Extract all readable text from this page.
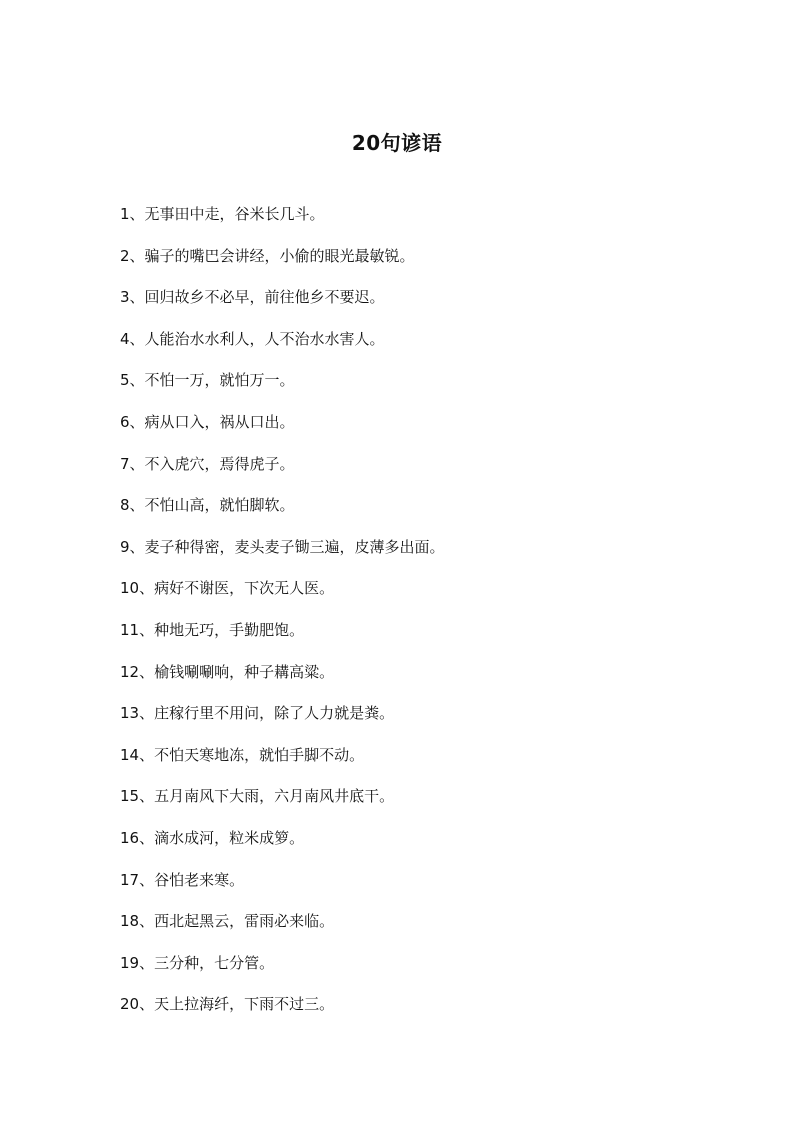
20句谚语
1、无事田中走，谷米长几斗。
2、骗子的嘴巴会讲经，小偷的眼光最敏锐。
3、回归故乡不必早，前往他乡不要迟。
4、人能治水水利人，人不治水水害人。
5、不怕一万，就怕万一。
6、病从口入，祸从口出。
7、不入虎穴，焉得虎子。
8、不怕山高，就怕脚软。
9、麦子种得密，麦头麦子锄三遍，皮薄多出面。
10、病好不谢医，下次无人医。
11、种地无巧，手勤肥饱。
12、榆钱唰唰响，种子耩高粱。
13、庄稼行里不用问，除了人力就是粪。
14、不怕天寒地冻，就怕手脚不动。
15、五月南风下大雨，六月南风井底干。
16、滴水成河，粒米成箩。
17、谷怕老来寒。
18、西北起黑云，雷雨必来临。
19、三分种，七分管。
20、天上拉海纤，下雨不过三。
